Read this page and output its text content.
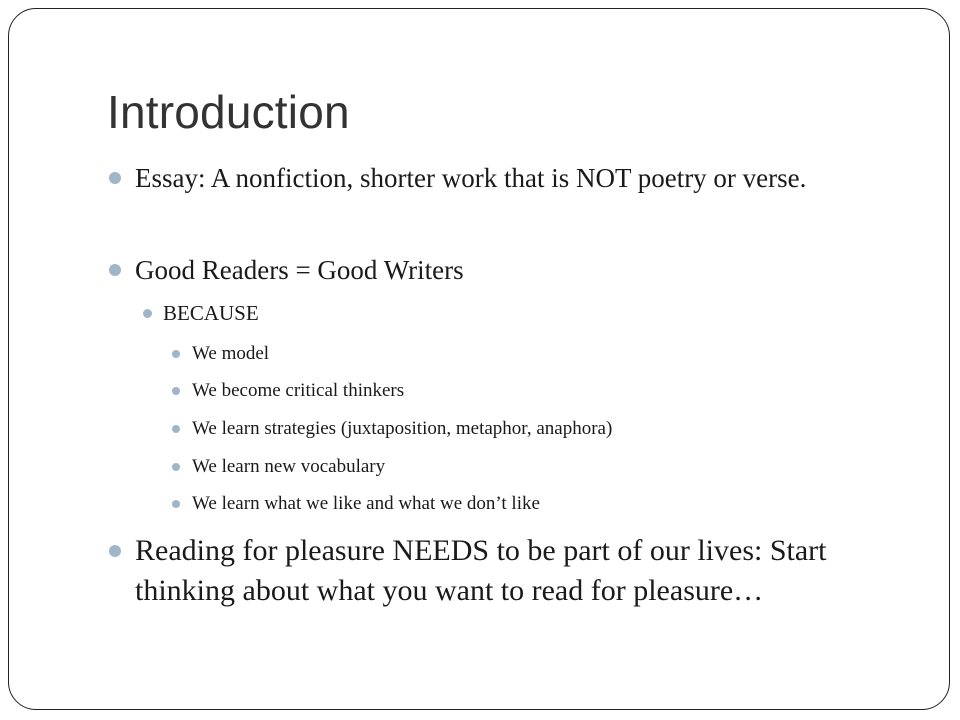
Introduction

Essay: A nonfiction, shorter work that is NOT poetry or verse.

Good Readers = Good Writers

BECAUSE

We model

We become critical thinkers

We learn strategies (juxtaposition, metaphor, anaphora)

We learn new vocabulary

We learn what we like and what we don’t like

Reading for pleasure NEEDS to be part of our lives: Start thinking about what you want to read for pleasure…
